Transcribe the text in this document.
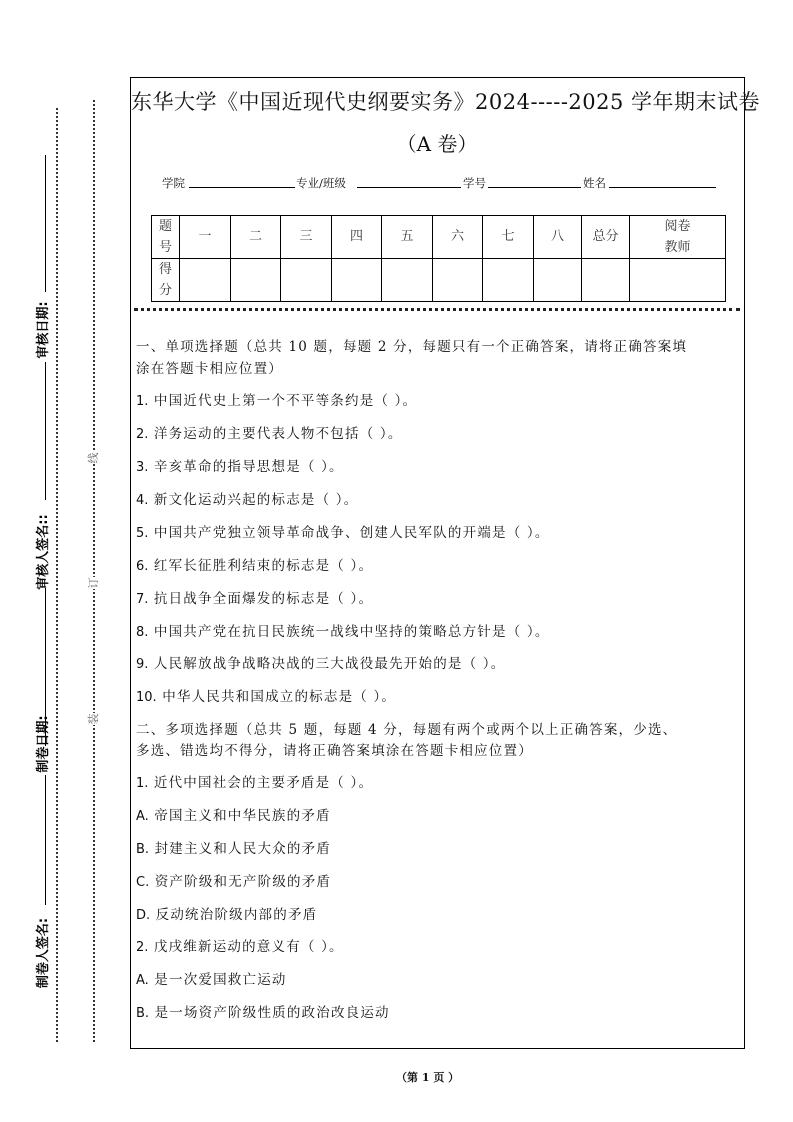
审核日期:
审核人签名::
制卷日期:
制卷人签名:
线
订
装
东华大学《中国近现代史纲要实务》2024-----2025 学年期末试卷
（A 卷）
学院	专业/班级	学号	姓名
题
号	一	二	三	四	五	六	七	八	总分	阅卷
教师

得
分										

一、单项选择题（总共 10 题，每题 2 分，每题只有一个正确答案，请将正确答案填
涂在答题卡相应位置）
1. 中国近代史上第一个不平等条约是（ ）。
2. 洋务运动的主要代表人物不包括（ ）。
3. 辛亥革命的指导思想是（ ）。
4. 新文化运动兴起的标志是（ ）。
5. 中国共产党独立领导革命战争、创建人民军队的开端是（ ）。
6. 红军长征胜利结束的标志是（ ）。
7. 抗日战争全面爆发的标志是（ ）。
8. 中国共产党在抗日民族统一战线中坚持的策略总方针是（ ）。
9. 人民解放战争战略决战的三大战役最先开始的是（ ）。
10. 中华人民共和国成立的标志是（ ）。
二、多项选择题（总共 5 题，每题 4 分，每题有两个或两个以上正确答案，少选、
多选、错选均不得分，请将正确答案填涂在答题卡相应位置）
1. 近代中国社会的主要矛盾是（ ）。
A. 帝国主义和中华民族的矛盾
B. 封建主义和人民大众的矛盾
C. 资产阶级和无产阶级的矛盾
D. 反动统治阶级内部的矛盾
2. 戊戌维新运动的意义有（ ）。
A. 是一次爱国救亡运动
B. 是一场资产阶级性质的政治改良运动
（第 1 页 ）
